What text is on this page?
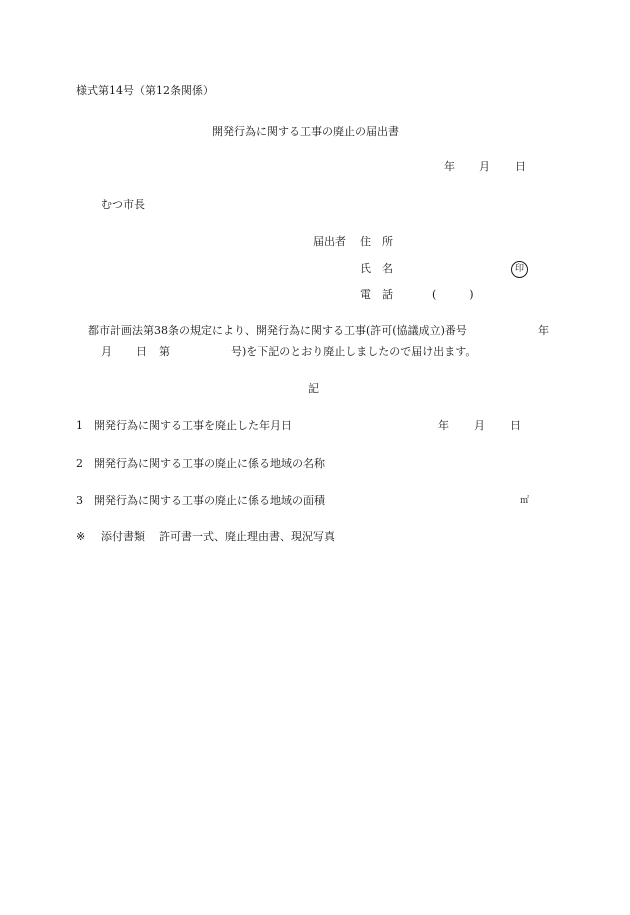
様式第14号（第12条関係）
開発行為に関する工事の廃止の届出書
年 月 日
むつ市長
届出者 住　所
氏　名	印
電　話	(　　　)
都市計画法第38条の規定により、開発行為に関する工事(許可(協議成立)番号	年
月 日 第	号)を下記のとおり廃止しましたので届け出ます。
記
1 開発行為に関する工事を廃止した年月日	年 月 日
2 開発行為に関する工事の廃止に係る地域の名称
3 開発行為に関する工事の廃止に係る地域の面積	㎡
※ 添付書類 許可書一式、廃止理由書、現況写真
